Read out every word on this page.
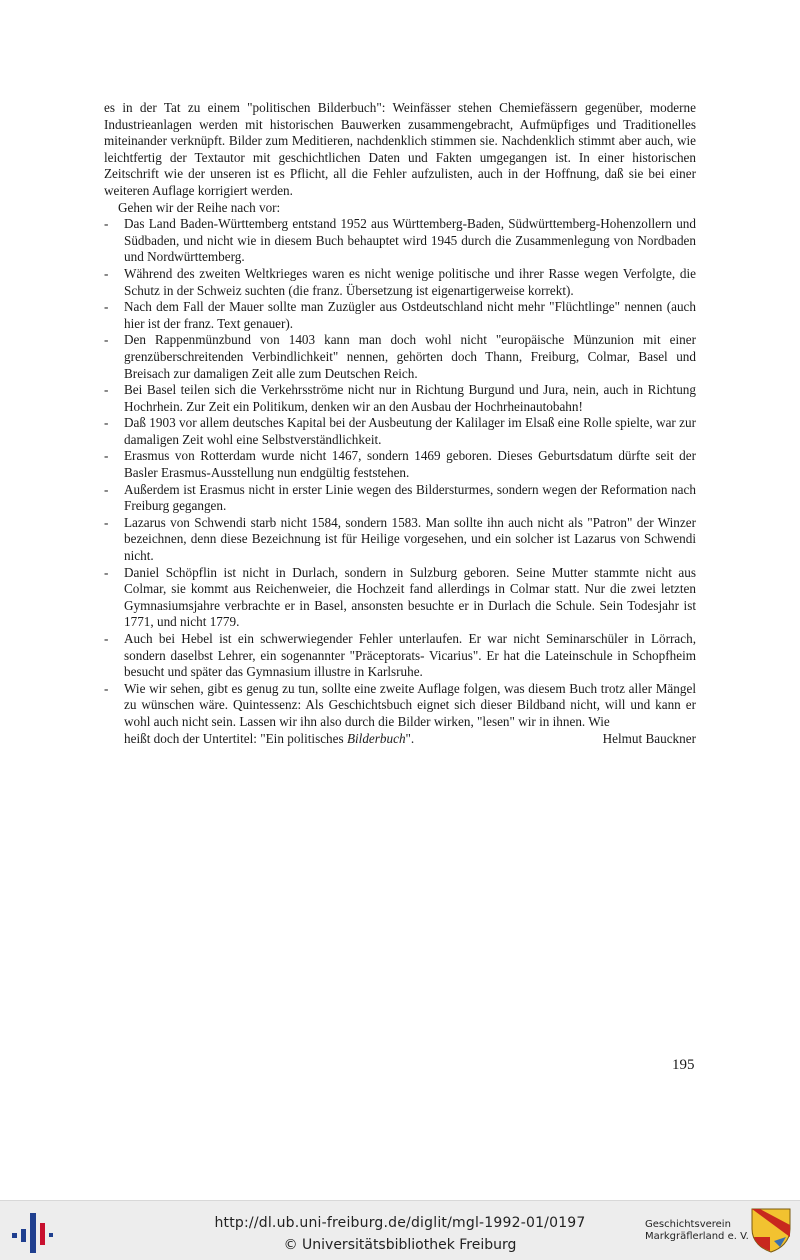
es in der Tat zu einem "politischen Bilderbuch": Weinfässer stehen Chemiefässern gegenüber, moderne Industrieanlagen werden mit historischen Bauwerken zusammengebracht, Aufmüpfiges und Traditionelles miteinander verknüpft. Bilder zum Meditieren, nachdenklich stimmen sie. Nachdenklich stimmt aber auch, wie leichtfertig der Textautor mit geschichtlichen Daten und Fakten umgegangen ist. In einer historischen Zeitschrift wie der unseren ist es Pflicht, all die Fehler aufzulisten, auch in der Hoffnung, daß sie bei einer weiteren Auflage korrigiert werden.

Gehen wir der Reihe nach vor:

- Das Land Baden-Württemberg entstand 1952 aus Württemberg-Baden, Südwürttemberg-Hohenzollern und Südbaden, und nicht wie in diesem Buch behauptet wird 1945 durch die Zusammenlegung von Nordbaden und Nordwürttemberg.
- Während des zweiten Weltkrieges waren es nicht wenige politische und ihrer Rasse wegen Verfolgte, die Schutz in der Schweiz suchten (die franz. Übersetzung ist eigenartigerweise korrekt).
- Nach dem Fall der Mauer sollte man Zuzügler aus Ostdeutschland nicht mehr "Flüchtlinge" nennen (auch hier ist der franz. Text genauer).
- Den Rappenmünzbund von 1403 kann man doch wohl nicht "europäische Münzunion mit einer grenzüberschreitenden Verbindlichkeit" nennen, gehörten doch Thann, Freiburg, Colmar, Basel und Breisach zur damaligen Zeit alle zum Deutschen Reich.
- Bei Basel teilen sich die Verkehrsströme nicht nur in Richtung Burgund und Jura, nein, auch in Richtung Hochrhein. Zur Zeit ein Politikum, denken wir an den Ausbau der Hochrheinautobahn!
- Daß 1903 vor allem deutsches Kapital bei der Ausbeutung der Kalilager im Elsaß eine Rolle spielte, war zur damaligen Zeit wohl eine Selbstverständlichkeit.
- Erasmus von Rotterdam wurde nicht 1467, sondern 1469 geboren. Dieses Geburtsdatum dürfte seit der Basler Erasmus-Ausstellung nun endgültig feststehen.
- Außerdem ist Erasmus nicht in erster Linie wegen des Bildersturmes, sondern wegen der Reformation nach Freiburg gegangen.
- Lazarus von Schwendi starb nicht 1584, sondern 1583. Man sollte ihn auch nicht als "Patron" der Winzer bezeichnen, denn diese Bezeichnung ist für Heilige vorgesehen, und ein solcher ist Lazarus von Schwendi nicht.
- Daniel Schöpflin ist nicht in Durlach, sondern in Sulzburg geboren. Seine Mutter stammte nicht aus Colmar, sie kommt aus Reichenweier, die Hochzeit fand allerdings in Colmar statt. Nur die zwei letzten Gymnasiumsjahre verbrachte er in Basel, ansonsten besuchte er in Durlach die Schule. Sein Todesjahr ist 1771, und nicht 1779.
- Auch bei Hebel ist ein schwerwiegender Fehler unterlaufen. Er war nicht Seminarschüler in Lörrach, sondern daselbst Lehrer, ein sogenannter "Präceptorats- Vicarius". Er hat die Lateinschule in Schopfheim besucht und später das Gymnasium illustre in Karlsruhe.
- Wie wir sehen, gibt es genug zu tun, sollte eine zweite Auflage folgen, was diesem Buch trotz aller Mängel zu wünschen wäre. Quintessenz: Als Geschichtsbuch eignet sich dieser Bildband nicht, will und kann er wohl auch nicht sein. Lassen wir ihn also durch die Bilder wirken, "lesen" wir in ihnen. Wie
heißt doch der Untertitel: "Ein politisches Bilderbuch".	Helmut Bauckner
195
http://dl.ub.uni-freiburg.de/diglit/mgl-1992-01/0197
© Universitätsbibliothek Freiburg
Geschichtsverein
Markgräflerland e. V.
